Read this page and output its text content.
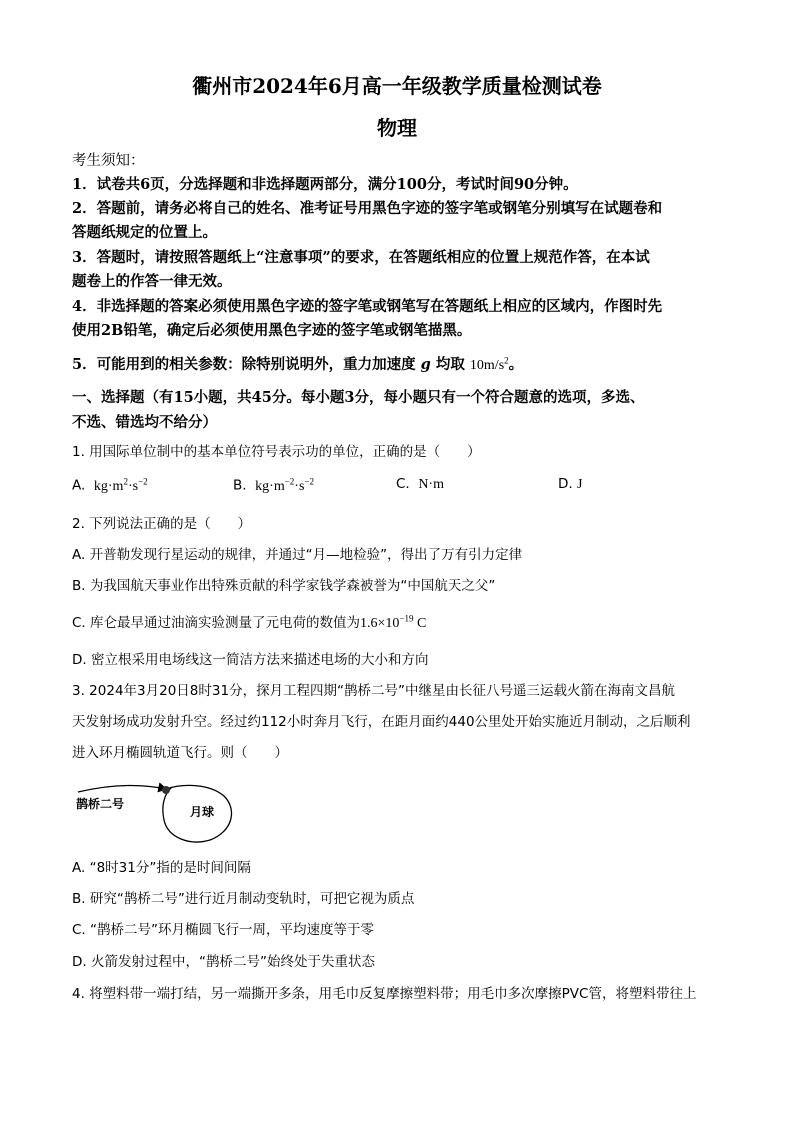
衢州市2024年6月高一年级教学质量检测试卷
物理
考生须知：
1．试卷共6页，分选择题和非选择题两部分，满分100分，考试时间90分钟。
2．答题前，请务必将自己的姓名、准考证号用黑色字迹的签字笔或钢笔分别填写在试题卷和
答题纸规定的位置上。
3．答题时，请按照答题纸上“注意事项”的要求，在答题纸相应的位置上规范作答，在本试
题卷上的作答一律无效。
4．非选择题的答案必须使用黑色字迹的签字笔或钢笔写在答题纸上相应的区域内，作图时先
使用2B铅笔，确定后必须使用黑色字迹的签字笔或钢笔描黑。
5．可能用到的相关参数：除特别说明外，重力加速度 g 均取 $10m/s^2$。
一、选择题（有15小题，共45分。每小题3分，每小题只有一个符合题意的选项，多选、
不选、错选均不给分）
1. 用国际单位制中的基本单位符号表示功的单位，正确的是（　　）
A. $kg\cdot m^2\cdot s^{-2}$	B. $kg\cdot m^{-2}\cdot s^{-2}$	C. N·m	D. J
2. 下列说法正确的是（　　）
A. 开普勒发现行星运动的规律，并通过“月—地检验”，得出了万有引力定律
B. 为我国航天事业作出特殊贡献的科学家钱学森被誉为“中国航天之父”
C. 库仑最早通过油滴实验测量了元电荷的数值为$1.6\times 10^{-19}$ C
D. 密立根采用电场线这一简洁方法来描述电场的大小和方向
3. 2024年3月20日8时31分，探月工程四期“鹊桥二号”中继星由长征八号遥三运载火箭在海南文昌航
天发射场成功发射升空。经过约112小时奔月飞行，在距月面约440公里处开始实施近月制动，之后顺利
进入环月椭圆轨道飞行。则（　　）
鹊桥二号
月球
A. “8时31分”指的是时间间隔
B. 研究“鹊桥二号”进行近月制动变轨时，可把它视为质点
C. “鹊桥二号”环月椭圆飞行一周，平均速度等于零
D. 火箭发射过程中，“鹊桥二号”始终处于失重状态
4. 将塑料带一端打结，另一端撕开多条，用毛巾反复摩擦塑料带；用毛巾多次摩擦PVC管，将塑料带往上
